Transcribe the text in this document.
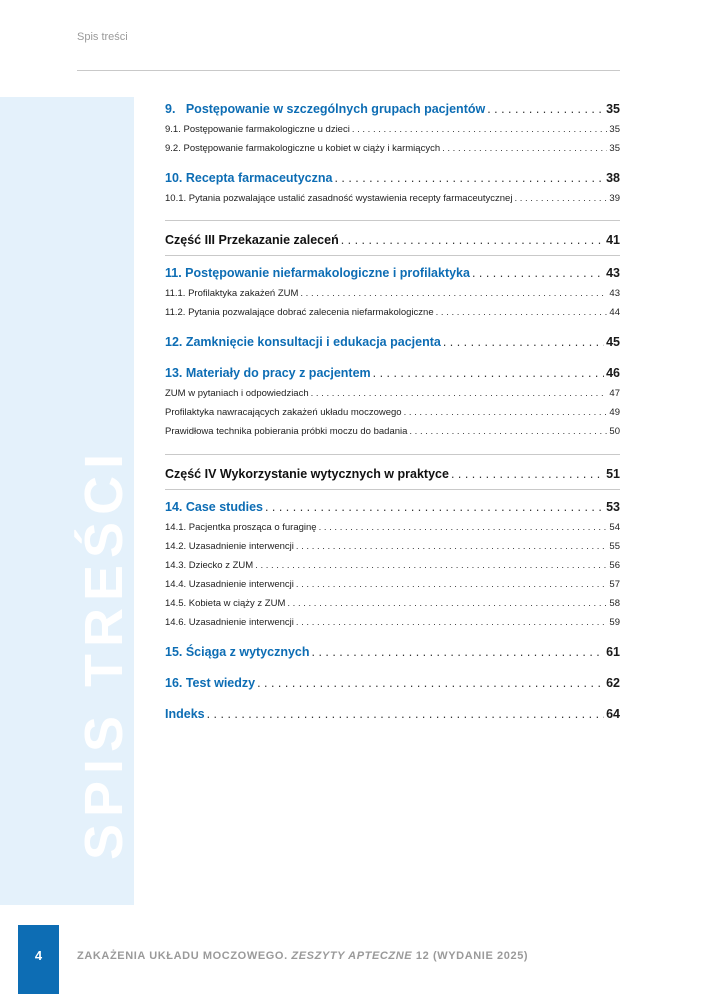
Spis treści
SPIS TREŚCI
9.   Postępowanie w szczególnych grupach pacjentów . . .	35
9.1. Postępowanie farmakologiczne u dzieci . . .	35
9.2. Postępowanie farmakologiczne u kobiet w ciąży i karmiących . . .	35
10. Recepta farmaceutyczna . . .	38
10.1. Pytania pozwalające ustalić zasadność wystawienia recepty farmaceutycznej . . .	39
Część III Przekazanie zaleceń . . .	41
11. Postępowanie niefarmakologiczne i profilaktyka . . .	43
11.1. Profilaktyka zakażeń ZUM . . .	43
11.2. Pytania pozwalające dobrać zalecenia niefarmakologiczne . . .	44
12. Zamknięcie konsultacji i edukacja pacjenta . . .	45
13. Materiały do pracy z pacjentem . . .	46
ZUM w pytaniach i odpowiedziach . . .	47
Profilaktyka nawracających zakażeń układu moczowego . . .	49
Prawidłowa technika pobierania próbki moczu do badania . . .	50
Część IV Wykorzystanie wytycznych w praktyce . . .	51
14. Case studies . . .	53
14.1. Pacjentka prosząca o furaginę . . .	54
14.2. Uzasadnienie interwencji . . .	55
14.3. Dziecko z ZUM . . .	56
14.4. Uzasadnienie interwencji . . .	57
14.5. Kobieta w ciąży z ZUM . . .	58
14.6. Uzasadnienie interwencji . . .	59
15. Ściąga z wytycznych . . .	61
16. Test wiedzy . . .	62
Indeks . . .	64
4	ZAKAŻENIA UKŁADU MOCZOWEGO. ZESZYTY APTECZNE 12 (WYDANIE 2025)
